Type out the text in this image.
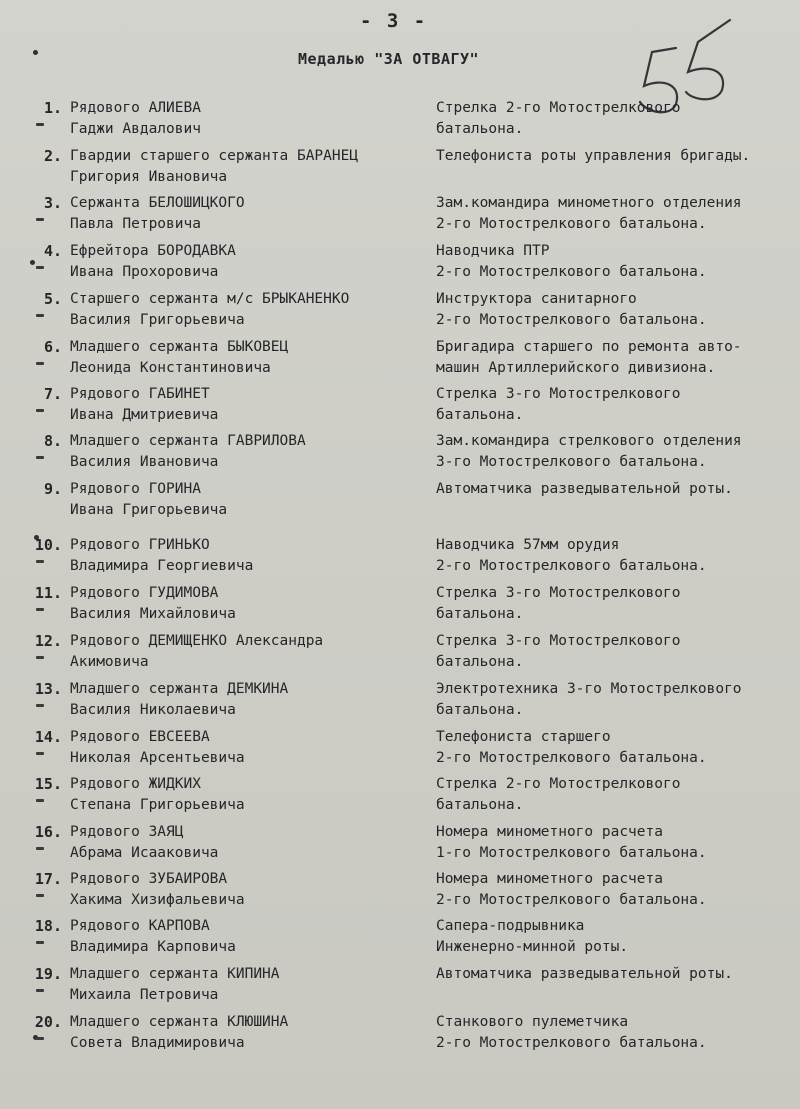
- 3 -
Медалью "ЗА ОТВАГУ"
1. Рядового АЛИЕВА
Гаджи Авдалович
Стрелка 2-го Мотострелкового
батальона.
2. Гвардии старшего сержанта БАРАНЕЦ
Григория Ивановича
Телефониста роты управления бригады.
3. Сержанта БЕЛОШИЦКОГО
Павла Петровича
Зам.командира минометного отделения
2-го Мотострелкового батальона.
4. Ефрейтора БОРОДАВКА
Ивана Прохоровича
Наводчика ПТР
2-го Мотострелкового батальона.
5. Старшего сержанта м/с БРЫКАНЕНКО
Василия Григорьевича
Инструктора санитарного
2-го Мотострелкового батальона.
6. Младшего сержанта БЫКОВЕЦ
Леонида Константиновича
Бригадира старшего по ремонта авто-
машин Артиллерийского дивизиона.
7. Рядового ГАБИНЕТ
Ивана Дмитриевича
Стрелка 3-го Мотострелкового
батальона.
8. Младшего сержанта ГАВРИЛОВА
Василия Ивановича
Зам.командира стрелкового отделения
3-го Мотострелкового батальона.
9. Рядового ГОРИНА
Ивана Григорьевича
Автоматчика разведывательной роты.
10. Рядового ГРИНЬКО
Владимира Георгиевича
Наводчика 57мм орудия
2-го Мотострелкового батальона.
11. Рядового ГУДИМОВА
Василия Михайловича
Стрелка 3-го Мотострелкового
батальона.
12. Рядового ДЕМИЩЕНКО Александра
Акимовича
Стрелка 3-го Мотострелкового
батальона.
13. Младшего сержанта ДЕМКИНА
Василия Николаевича
Электротехника 3-го Мотострелкового
батальона.
14. Рядового ЕВСЕЕВА
Николая Арсентьевича
Телефониста старшего
2-го Мотострелкового батальона.
15. Рядового ЖИДКИХ
Степана Григорьевича
Стрелка 2-го Мотострелкового
батальона.
16. Рядового ЗАЯЦ
Абрама Исааковича
Номера минометного расчета
1-го Мотострелкового батальона.
17. Рядового ЗУБАИРОВА
Хакима Хизифальевича
Номера минометного расчета
2-го Мотострелкового батальона.
18. Рядового КАРПОВА
Владимира Карповича
Сапера-подрывника
Инженерно-минной роты.
19. Младшего сержанта КИПИНА
Михаила Петровича
Автоматчика разведывательной роты.
20. Младшего сержанта КЛЮШИНА
Совета Владимировича
Станкового пулеметчика
2-го Мотострелкового батальона.
